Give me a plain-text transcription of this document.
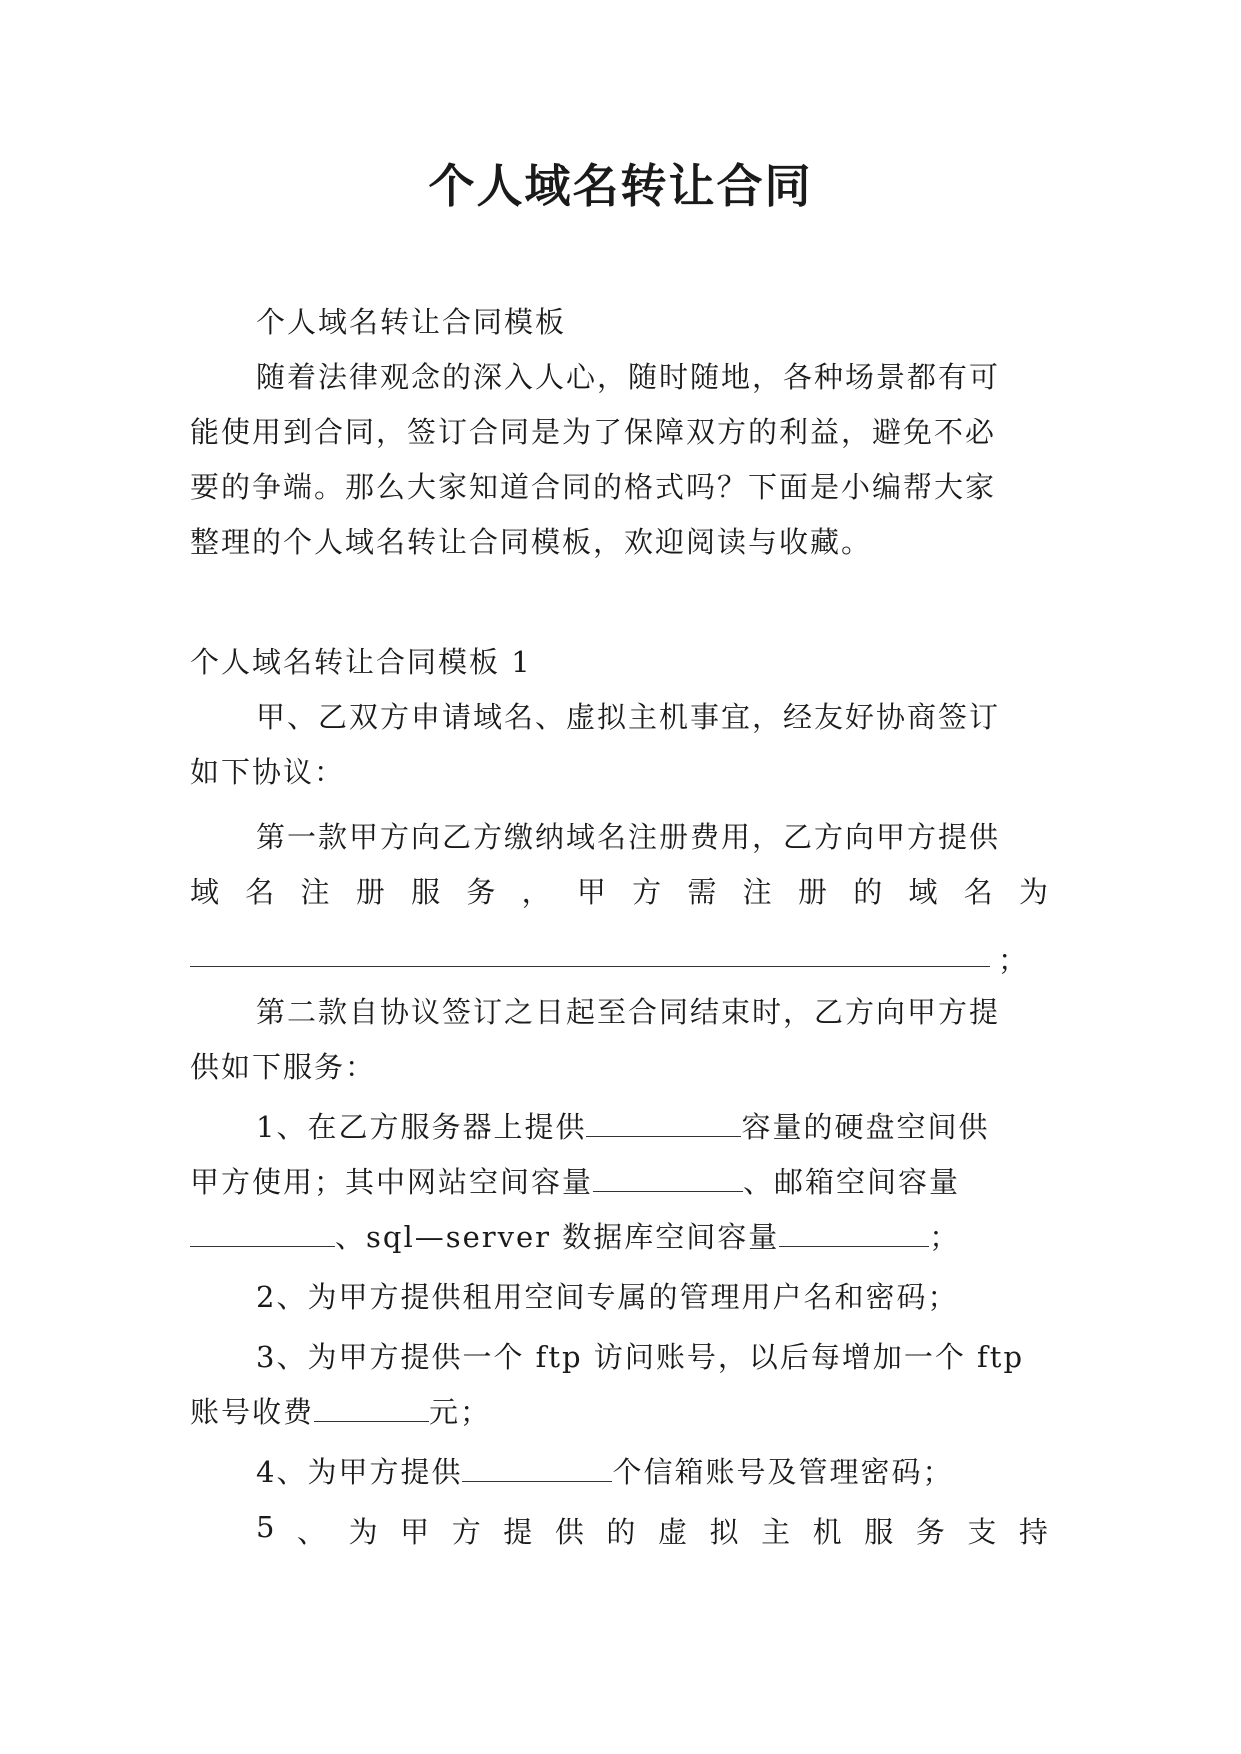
个人域名转让合同
个人域名转让合同模板
随着法律观念的深入人心，随时随地，各种场景都有可
能使用到合同，签订合同是为了保障双方的利益，避免不必
要的争端。那么大家知道合同的格式吗？下面是小编帮大家
整理的个人域名转让合同模板，欢迎阅读与收藏。
个人域名转让合同模板 1
甲、乙双方申请域名、虚拟主机事宜，经友好协商签订
如下协议：
第一款甲方向乙方缴纳域名注册费用，乙方向甲方提供
域 名 注 册 服 务 ， 甲 方 需 注 册 的 域 名 为
；
第二款自协议签订之日起至合同结束时，乙方向甲方提
供如下服务：
1、在乙方服务器上提供	容量的硬盘空间供
甲方使用；其中网站空间容量	、邮箱空间容量
、sql—server 数据库空间容量	；
2、为甲方提供租用空间专属的管理用户名和密码；
3、为甲方提供一个 ftp 访问账号，以后每增加一个 ftp
账号收费	元；
4、为甲方提供	个信箱账号及管理密码；
5 、 为 甲 方 提 供 的 虚 拟 主 机 服 务 支 持
